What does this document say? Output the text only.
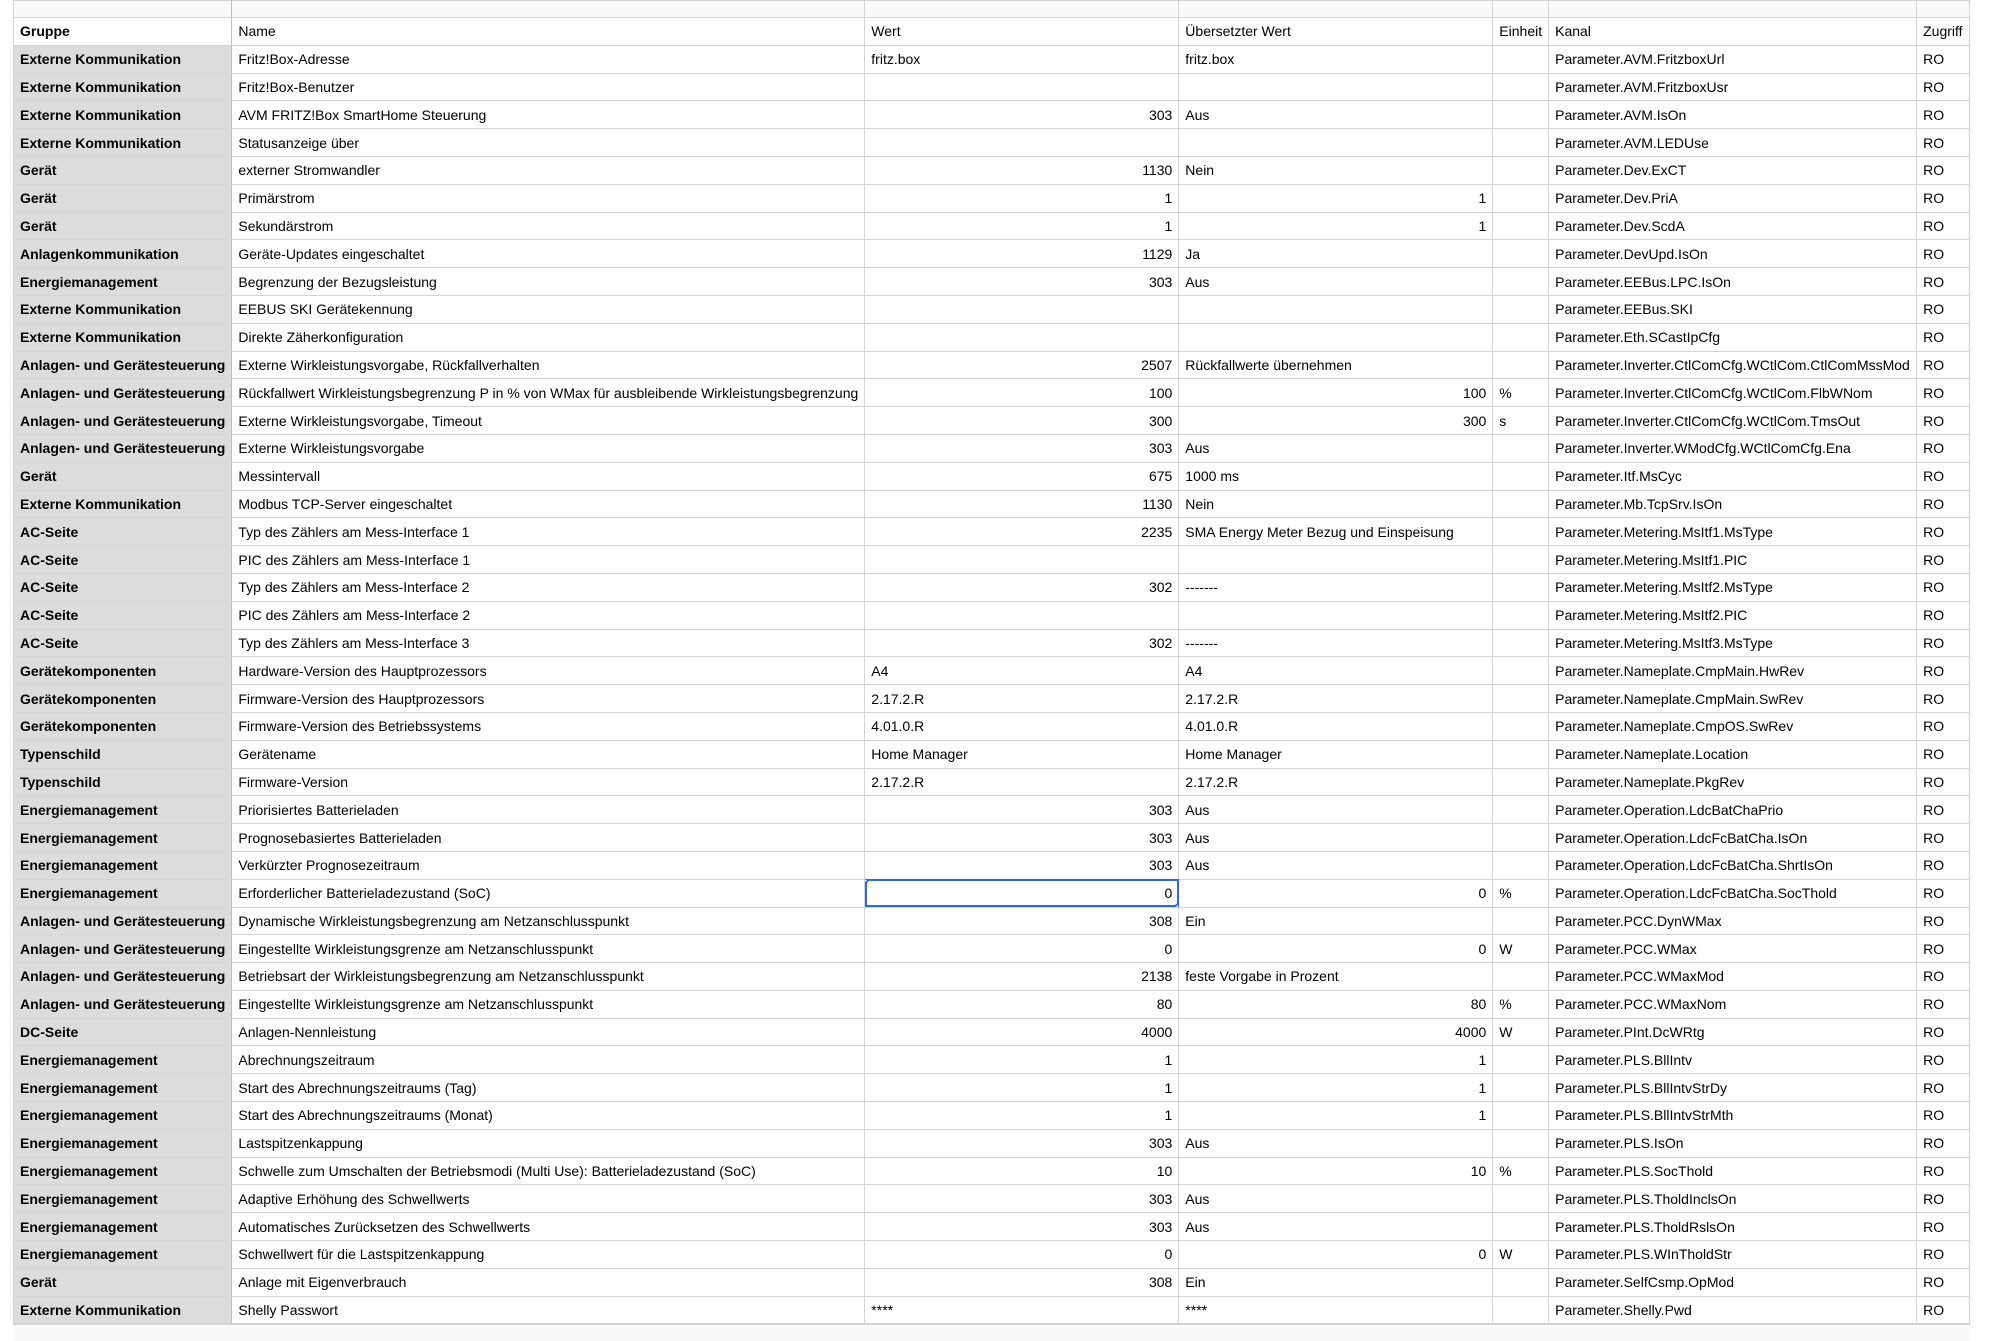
Gruppe	Name	Wert	Übersetzter Wert	Einheit	Kanal	Zugriff
Externe Kommunikation	Fritz!Box-Adresse	fritz.box	fritz.box		Parameter.AVM.FritzboxUrl	RO
Externe Kommunikation	Fritz!Box-Benutzer				Parameter.AVM.FritzboxUsr	RO
Externe Kommunikation	AVM FRITZ!Box SmartHome Steuerung	303	Aus		Parameter.AVM.IsOn	RO
Externe Kommunikation	Statusanzeige über				Parameter.AVM.LEDUse	RO
Gerät	externer Stromwandler	1130	Nein		Parameter.Dev.ExCT	RO
Gerät	Primärstrom	1	1		Parameter.Dev.PriA	RO
Gerät	Sekundärstrom	1	1		Parameter.Dev.ScdA	RO
Anlagenkommunikation	Geräte-Updates eingeschaltet	1129	Ja		Parameter.DevUpd.IsOn	RO
Energiemanagement	Begrenzung der Bezugsleistung	303	Aus		Parameter.EEBus.LPC.IsOn	RO
Externe Kommunikation	EEBUS SKI Gerätekennung				Parameter.EEBus.SKI	RO
Externe Kommunikation	Direkte Zäherkonfiguration				Parameter.Eth.SCastIpCfg	RO
Anlagen- und Gerätesteuerung	Externe Wirkleistungsvorgabe, Rückfallverhalten	2507	Rückfallwerte übernehmen		Parameter.Inverter.CtlComCfg.WCtlCom.CtlComMssMod	RO
Anlagen- und Gerätesteuerung	Rückfallwert Wirkleistungsbegrenzung P in % von WMax für ausbleibende Wirkleistungsbegrenzung	100	100	%	Parameter.Inverter.CtlComCfg.WCtlCom.FlbWNom	RO
Anlagen- und Gerätesteuerung	Externe Wirkleistungsvorgabe, Timeout	300	300	s	Parameter.Inverter.CtlComCfg.WCtlCom.TmsOut	RO
Anlagen- und Gerätesteuerung	Externe Wirkleistungsvorgabe	303	Aus		Parameter.Inverter.WModCfg.WCtlComCfg.Ena	RO
Gerät	Messintervall	675	1000 ms		Parameter.Itf.MsCyc	RO
Externe Kommunikation	Modbus TCP-Server eingeschaltet	1130	Nein		Parameter.Mb.TcpSrv.IsOn	RO
AC-Seite	Typ des Zählers am Mess-Interface 1	2235	SMA Energy Meter Bezug und Einspeisung		Parameter.Metering.MsItf1.MsType	RO
AC-Seite	PIC des Zählers am Mess-Interface 1				Parameter.Metering.MsItf1.PIC	RO
AC-Seite	Typ des Zählers am Mess-Interface 2	302	-------		Parameter.Metering.MsItf2.MsType	RO
AC-Seite	PIC des Zählers am Mess-Interface 2				Parameter.Metering.MsItf2.PIC	RO
AC-Seite	Typ des Zählers am Mess-Interface 3	302	-------		Parameter.Metering.MsItf3.MsType	RO
Gerätekomponenten	Hardware-Version des Hauptprozessors	A4	A4		Parameter.Nameplate.CmpMain.HwRev	RO
Gerätekomponenten	Firmware-Version des Hauptprozessors	2.17.2.R	2.17.2.R		Parameter.Nameplate.CmpMain.SwRev	RO
Gerätekomponenten	Firmware-Version des Betriebssystems	4.01.0.R	4.01.0.R		Parameter.Nameplate.CmpOS.SwRev	RO
Typenschild	Gerätename	Home Manager	Home Manager		Parameter.Nameplate.Location	RO
Typenschild	Firmware-Version	2.17.2.R	2.17.2.R		Parameter.Nameplate.PkgRev	RO
Energiemanagement	Priorisiertes Batterieladen	303	Aus		Parameter.Operation.LdcBatChaPrio	RO
Energiemanagement	Prognosebasiertes Batterieladen	303	Aus		Parameter.Operation.LdcFcBatCha.IsOn	RO
Energiemanagement	Verkürzter Prognosezeitraum	303	Aus		Parameter.Operation.LdcFcBatCha.ShrtIsOn	RO
Energiemanagement	Erforderlicher Batterieladezustand (SoC)	0	0	%	Parameter.Operation.LdcFcBatCha.SocThold	RO
Anlagen- und Gerätesteuerung	Dynamische Wirkleistungsbegrenzung am Netzanschlusspunkt	308	Ein		Parameter.PCC.DynWMax	RO
Anlagen- und Gerätesteuerung	Eingestellte Wirkleistungsgrenze am Netzanschlusspunkt	0	0	W	Parameter.PCC.WMax	RO
Anlagen- und Gerätesteuerung	Betriebsart der Wirkleistungsbegrenzung am Netzanschlusspunkt	2138	feste Vorgabe in Prozent		Parameter.PCC.WMaxMod	RO
Anlagen- und Gerätesteuerung	Eingestellte Wirkleistungsgrenze am Netzanschlusspunkt	80	80	%	Parameter.PCC.WMaxNom	RO
DC-Seite	Anlagen-Nennleistung	4000	4000	W	Parameter.PInt.DcWRtg	RO
Energiemanagement	Abrechnungszeitraum	1	1		Parameter.PLS.BllIntv	RO
Energiemanagement	Start des Abrechnungszeitraums (Tag)	1	1		Parameter.PLS.BllIntvStrDy	RO
Energiemanagement	Start des Abrechnungszeitraums (Monat)	1	1		Parameter.PLS.BllIntvStrMth	RO
Energiemanagement	Lastspitzenkappung	303	Aus		Parameter.PLS.IsOn	RO
Energiemanagement	Schwelle zum Umschalten der Betriebsmodi (Multi Use): Batterieladezustand (SoC)	10	10	%	Parameter.PLS.SocThold	RO
Energiemanagement	Adaptive Erhöhung des Schwellwerts	303	Aus		Parameter.PLS.TholdInclsOn	RO
Energiemanagement	Automatisches Zurücksetzen des Schwellwerts	303	Aus		Parameter.PLS.TholdRslsOn	RO
Energiemanagement	Schwellwert für die Lastspitzenkappung	0	0	W	Parameter.PLS.WInTholdStr	RO
Gerät	Anlage mit Eigenverbrauch	308	Ein		Parameter.SelfCsmp.OpMod	RO
Externe Kommunikation	Shelly Passwort	****	****		Parameter.Shelly.Pwd	RO
